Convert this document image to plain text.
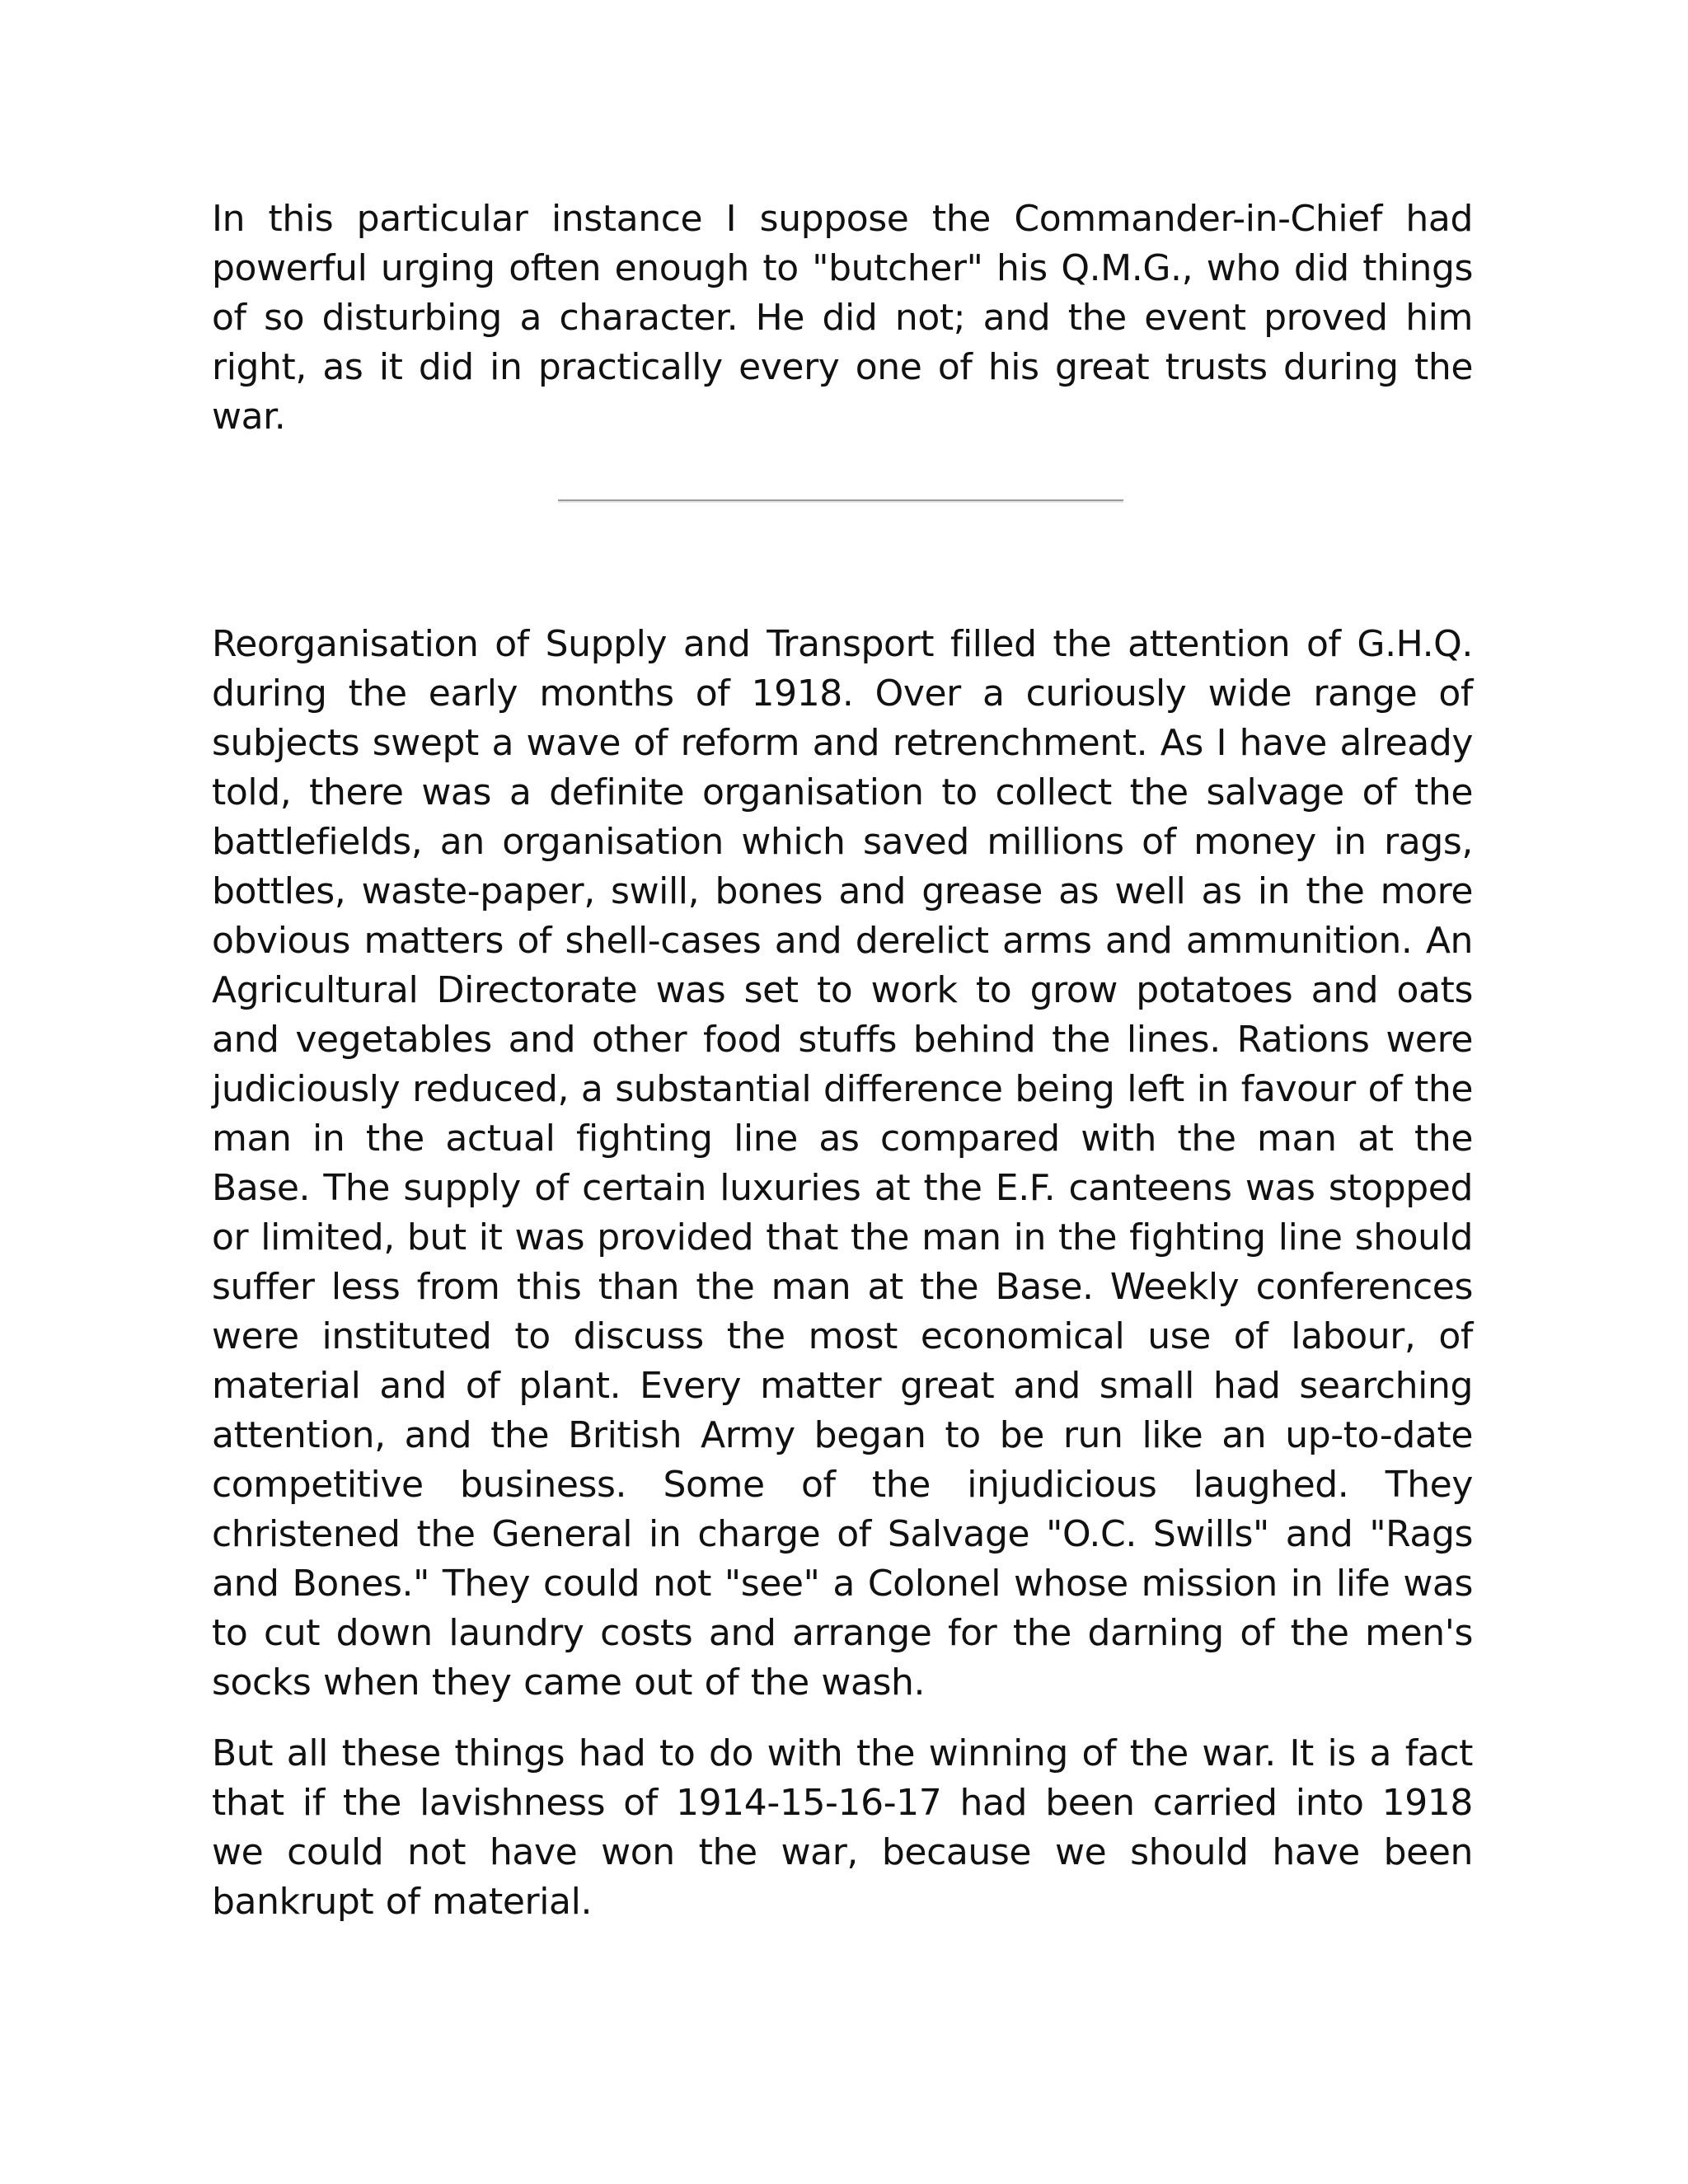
In this particular instance I suppose the Commander-in-Chief had powerful urging often enough to "butcher" his Q.M.G., who did things of so disturbing a character. He did not; and the event proved him right, as it did in practically every one of his great trusts during the war.

Reorganisation of Supply and Transport filled the attention of G.H.Q. during the early months of 1918. Over a curiously wide range of subjects swept a wave of reform and retrenchment. As I have already told, there was a definite organisation to collect the salvage of the battlefields, an organisation which saved millions of money in rags, bottles, waste-paper, swill, bones and grease as well as in the more obvious matters of shell-cases and derelict arms and ammunition. An Agricultural Directorate was set to work to grow potatoes and oats and vegetables and other food stuffs behind the lines. Rations were judiciously reduced, a substantial difference being left in favour of the man in the actual fighting line as compared with the man at the Base. The supply of certain luxuries at the E.F. canteens was stopped or limited, but it was provided that the man in the fighting line should suffer less from this than the man at the Base. Weekly conferences were instituted to discuss the most economical use of labour, of material and of plant. Every matter great and small had searching attention, and the British Army began to be run like an up-to-date competitive business. Some of the injudicious laughed. They christened the General in charge of Salvage "O.C. Swills" and "Rags and Bones." They could not "see" a Colonel whose mission in life was to cut down laundry costs and arrange for the darning of the men's socks when they came out of the wash.

But all these things had to do with the winning of the war. It is a fact that if the lavishness of 1914-15-16-17 had been carried into 1918 we could not have won the war, because we should have been bankrupt of material.
